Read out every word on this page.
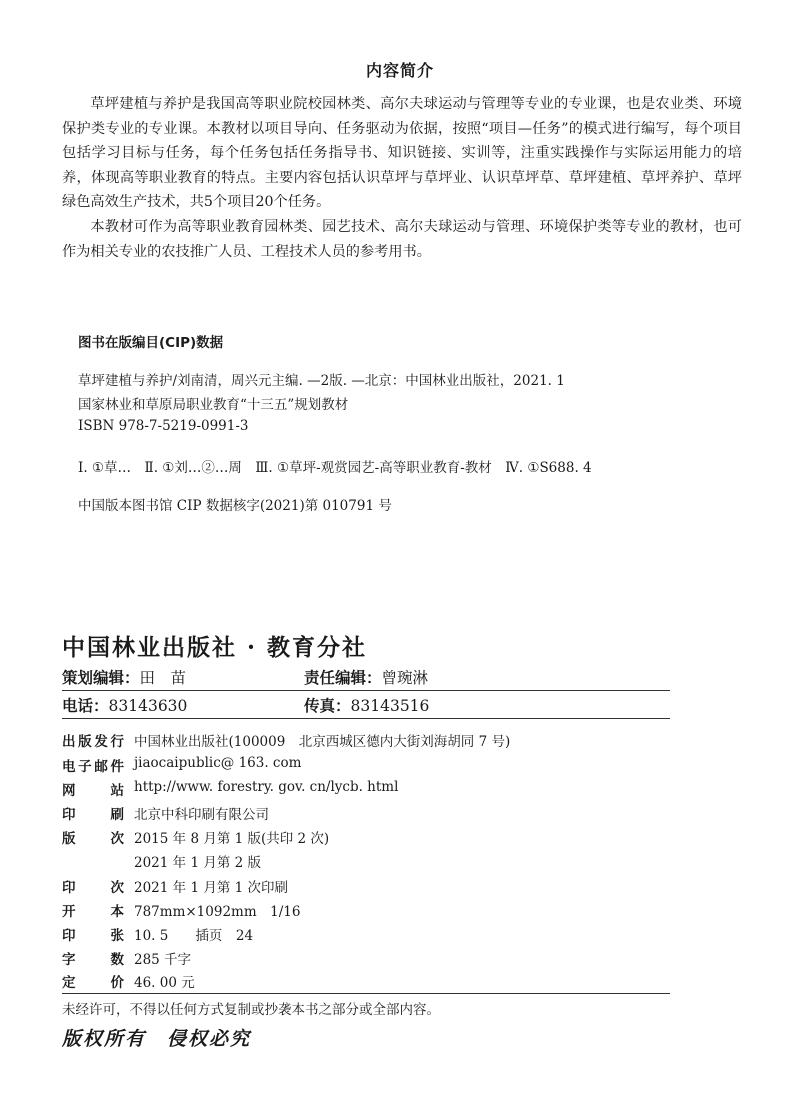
内容简介

草坪建植与养护是我国高等职业院校园林类、高尔夫球运动与管理等专业的专业课，也是农业类、环境保护类专业的专业课。本教材以项目导向、任务驱动为依据，按照“项目—任务”的模式进行编写，每个项目包括学习目标与任务，每个任务包括任务指导书、知识链接、实训等，注重实践操作与实际运用能力的培养，体现高等职业教育的特点。主要内容包括认识草坪与草坪业、认识草坪草、草坪建植、草坪养护、草坪绿色高效生产技术，共5个项目20个任务。

本教材可作为高等职业教育园林类、园艺技术、高尔夫球运动与管理、环境保护类等专业的教材，也可作为相关专业的农技推广人员、工程技术人员的参考用书。

图书在版编目(CIP)数据
草坪建植与养护/刘南清，周兴元主编. —2版. —北京：中国林业出版社，2021. 1
国家林业和草原局职业教育“十三五”规划教材
ISBN 978-7-5219-0991-3
Ⅰ. ①草…　Ⅱ. ①刘…②…周　Ⅲ. ①草坪-观赏园艺-高等职业教育-教材　Ⅳ. ①S688. 4
中国版本图书馆 CIP 数据核字(2021)第 010791 号
中国林业出版社 · 教育分社
策划编辑：田　苗	责任编辑：曾琬淋
电话：83143630	传真：83143516
出版发行 中国林业出版社(100009　北京西城区德内大街刘海胡同 7 号)
电子邮件 jiaocaipublic@ 163. com
网站 http://www. forestry. gov. cn/lycb. html
印刷 北京中科印刷有限公司
版次 2015 年 8 月第 1 版(共印 2 次)
2021 年 1 月第 2 版
印次 2021 年 1 月第 1 次印刷
开本 787mm×1092mm　1/16
印张 10. 5　　插页　24
字数 285 千字
定价 46. 00 元
未经许可，不得以任何方式复制或抄袭本书之部分或全部内容。
版权所有　侵权必究
